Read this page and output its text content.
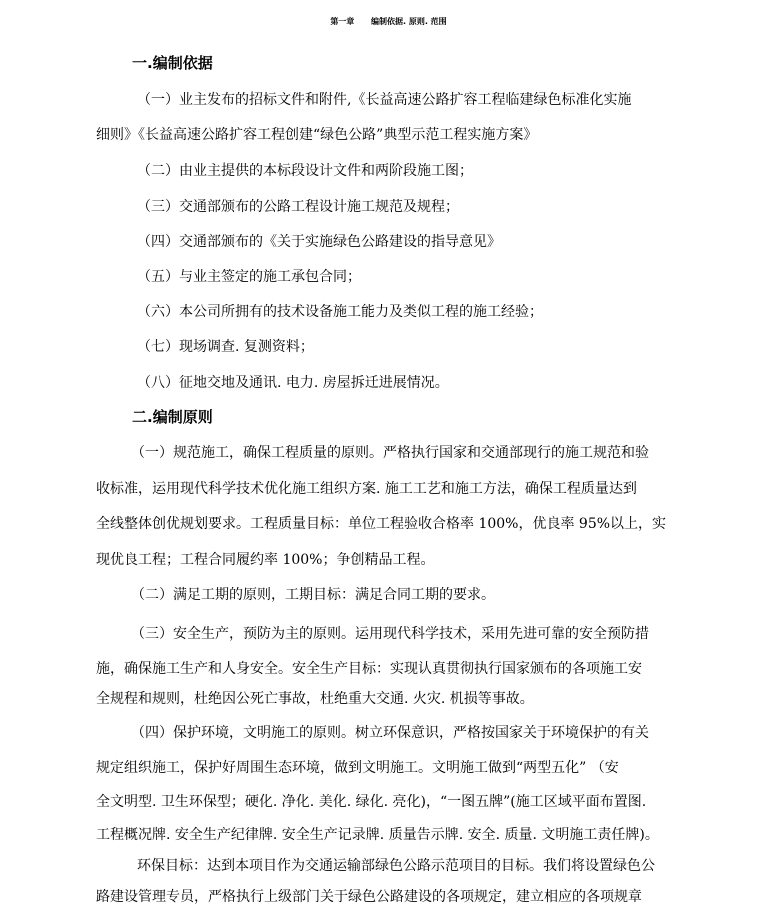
第一章      编制依据. 原则. 范围
一.编制依据
（一）业主发布的招标文件和附件,《长益高速公路扩容工程临建绿色标准化实施
细则》《长益高速公路扩容工程创建“绿色公路”典型示范工程实施方案》
（二）由业主提供的本标段设计文件和两阶段施工图；
（三）交通部颁布的公路工程设计施工规范及规程；
（四）交通部颁布的《关于实施绿色公路建设的指导意见》
（五）与业主签定的施工承包合同；
（六）本公司所拥有的技术设备施工能力及类似工程的施工经验；
（七）现场调查. 复测资料；
（八）征地交地及通讯. 电力. 房屋拆迁进展情况。
二.编制原则
（一）规范施工，确保工程质量的原则。严格执行国家和交通部现行的施工规范和验
收标准，运用现代科学技术优化施工组织方案. 施工工艺和施工方法，确保工程质量达到
全线整体创优规划要求。工程质量目标：单位工程验收合格率 100%，优良率 95%以上，实
现优良工程；工程合同履约率 100%；争创精品工程。
（二）满足工期的原则，工期目标：满足合同工期的要求。
（三）安全生产，预防为主的原则。运用现代科学技术，采用先进可靠的安全预防措
施，确保施工生产和人身安全。安全生产目标：实现认真贯彻执行国家颁布的各项施工安
全规程和规则，杜绝因公死亡事故，杜绝重大交通. 火灾. 机损等事故。
（四）保护环境，文明施工的原则。树立环保意识，严格按国家关于环境保护的有关
规定组织施工，保护好周围生态环境，做到文明施工。文明施工做到“两型五化” （安
全文明型. 卫生环保型；硬化. 净化. 美化. 绿化. 亮化)，“一图五牌”(施工区域平面布置图.
工程概况牌. 安全生产纪律牌. 安全生产记录牌. 质量告示牌. 安全. 质量. 文明施工责任牌)。
环保目标：达到本项目作为交通运输部绿色公路示范项目的目标。我们将设置绿色公
路建设管理专员，严格执行上级部门关于绿色公路建设的各项规定，建立相应的各项规章
